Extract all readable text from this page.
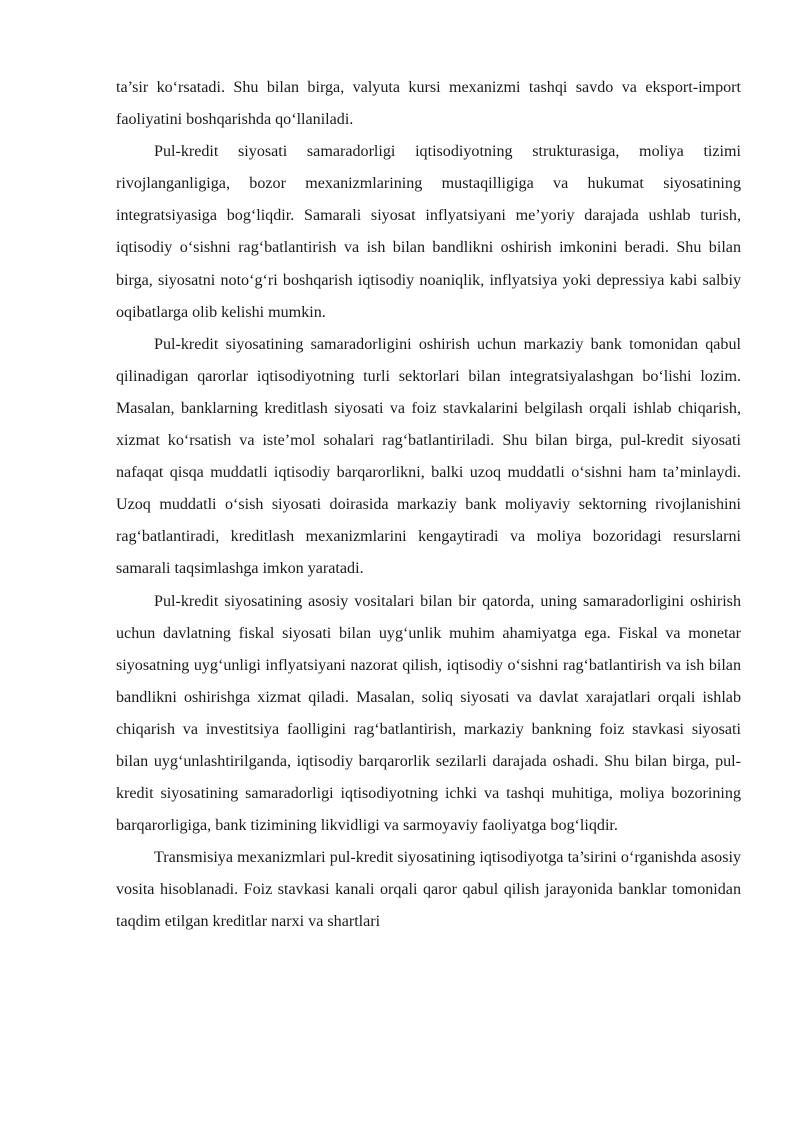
ta’sir ko‘rsatadi. Shu bilan birga, valyuta kursi mexanizmi tashqi savdo va eksport-import faoliyatini boshqarishda qo‘llaniladi.

Pul-kredit siyosati samaradorligi iqtisodiyotning strukturasiga, moliya tizimi rivojlanganligiga, bozor mexanizmlarining mustaqilligiga va hukumat siyosatining integratsiyasiga bog‘liqdir. Samarali siyosat inflyatsiyani me’yoriy darajada ushlab turish, iqtisodiy o‘sishni rag‘batlantirish va ish bilan bandlikni oshirish imkonini beradi. Shu bilan birga, siyosatni noto‘g‘ri boshqarish iqtisodiy noaniqlik, inflyatsiya yoki depressiya kabi salbiy oqibatlarga olib kelishi mumkin.

Pul-kredit siyosatining samaradorligini oshirish uchun markaziy bank tomonidan qabul qilinadigan qarorlar iqtisodiyotning turli sektorlari bilan integratsiyalashgan bo‘lishi lozim. Masalan, banklarning kreditlash siyosati va foiz stavkalarini belgilash orqali ishlab chiqarish, xizmat ko‘rsatish va iste’mol sohalari rag‘batlantiriladi. Shu bilan birga, pul-kredit siyosati nafaqat qisqa muddatli iqtisodiy barqarorlikni, balki uzoq muddatli o‘sishni ham ta’minlaydi. Uzoq muddatli o‘sish siyosati doirasida markaziy bank moliyaviy sektorning rivojlanishini rag‘batlantiradi, kreditlash mexanizmlarini kengaytiradi va moliya bozoridagi resurslarni samarali taqsimlashga imkon yaratadi.

Pul-kredit siyosatining asosiy vositalari bilan bir qatorda, uning samaradorligini oshirish uchun davlatning fiskal siyosati bilan uyg‘unlik muhim ahamiyatga ega. Fiskal va monetar siyosatning uyg‘unligi inflyatsiyani nazorat qilish, iqtisodiy o‘sishni rag‘batlantirish va ish bilan bandlikni oshirishga xizmat qiladi. Masalan, soliq siyosati va davlat xarajatlari orqali ishlab chiqarish va investitsiya faolligini rag‘batlantirish, markaziy bankning foiz stavkasi siyosati bilan uyg‘unlashtirilganda, iqtisodiy barqarorlik sezilarli darajada oshadi. Shu bilan birga, pul-kredit siyosatining samaradorligi iqtisodiyotning ichki va tashqi muhitiga, moliya bozorining barqarorligiga, bank tizimining likvidligi va sarmoyaviy faoliyatga bog‘liqdir.

Transmisiya mexanizmlari pul-kredit siyosatining iqtisodiyotga ta’sirini o‘rganishda asosiy vosita hisoblanadi. Foiz stavkasi kanali orqali qaror qabul qilish jarayonida banklar tomonidan taqdim etilgan kreditlar narxi va shartlari
